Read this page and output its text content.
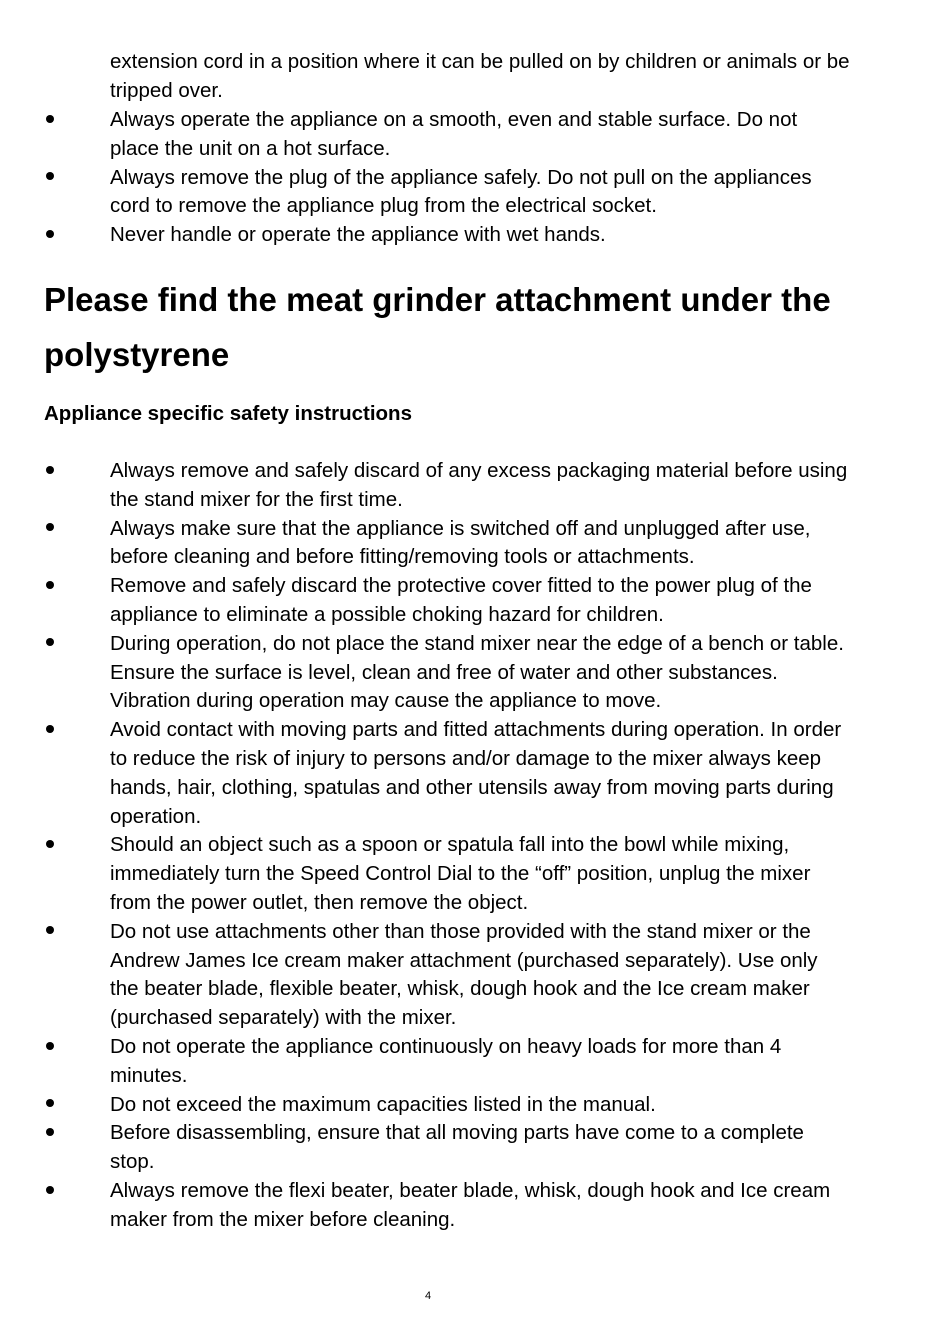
extension cord in a position where it can be pulled on by children or animals or be tripped over.
Always operate the appliance on a smooth, even and stable surface. Do not place the unit on a hot surface.
Always remove the plug of the appliance safely. Do not pull on the appliances cord to remove the appliance plug from the electrical socket.
Never handle or operate the appliance with wet hands.
Please find the meat grinder attachment under the polystyrene
Appliance specific safety instructions
Always remove and safely discard of any excess packaging material before using the stand mixer for the first time.
Always make sure that the appliance is switched off and unplugged after use, before cleaning and before fitting/removing tools or attachments.
Remove and safely discard the protective cover fitted to the power plug of the appliance to eliminate a possible choking hazard for children.
During operation, do not place the stand mixer near the edge of a bench or table. Ensure the surface is level, clean and free of water and other substances. Vibration during operation may cause the appliance to move.
Avoid contact with moving parts and fitted attachments during operation. In order to reduce the risk of injury to persons and/or damage to the mixer always keep hands, hair, clothing, spatulas and other utensils away from moving parts during operation.
Should an object such as a spoon or spatula fall into the bowl while mixing, immediately turn the Speed Control Dial to the “off” position, unplug the mixer from the power outlet, then remove the object.
Do not use attachments other than those provided with the stand mixer or the Andrew James Ice cream maker attachment (purchased separately). Use only the beater blade, flexible beater, whisk, dough hook and the Ice cream maker (purchased separately) with the mixer.
Do not operate the appliance continuously on heavy loads for more than 4 minutes.
Do not exceed the maximum capacities listed in the manual.
Before disassembling, ensure that all moving parts have come to a complete stop.
Always remove the flexi beater, beater blade, whisk, dough hook and Ice cream maker from the mixer before cleaning.
4
